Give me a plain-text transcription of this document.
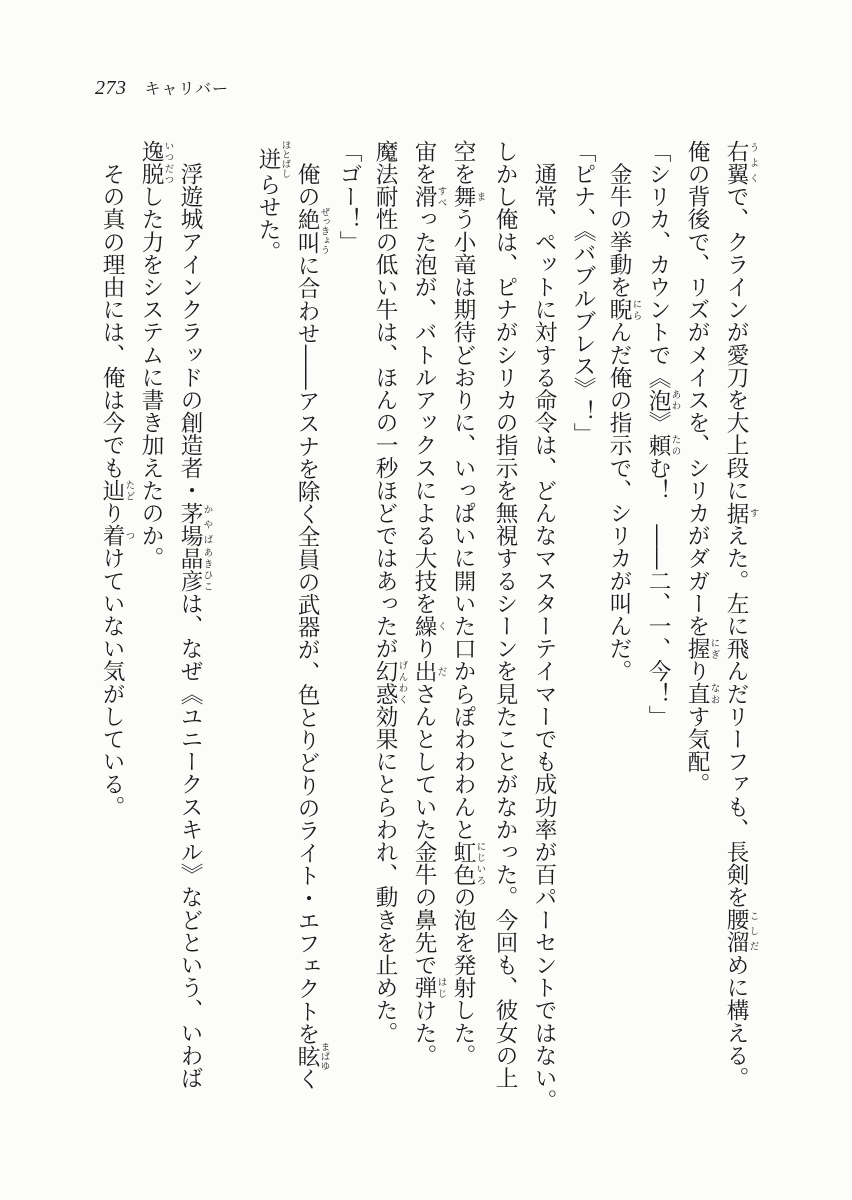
273 キャリバー
右翼うよくで、クラインが愛刀を大上段に据すえた。左に飛んだリーファも、長剣を腰溜こしだめに構える。
俺の背後で、リズがメイスを、シリカがダガーを握にぎり直なおす気配。
「シリカ、カウントで《泡あわ》頼たのむ！　――二、一、今！」
　金牛の挙動を睨にらんだ俺の指示で、シリカが叫んだ。
「ピナ、《バブルブレス》！」
　通常、ペットに対する命令は、どんなマスターテイマーでも成功率が百パーセントではない。
しかし俺は、ピナがシリカの指示を無視するシーンを見たことがなかった。今回も、彼女の上
空を舞まう小竜は期待どおりに、いっぱいに開いた口からぽわわわんと虹色にじいろの泡を発射した。
宙を滑すべった泡が、バトルアックスによる大技を繰くり出ださんとしていた金牛の鼻先で弾はじけた。
魔法耐性の低い牛は、ほんの一秒ほどではあったが幻惑げんわく効果にとらわれ、動きを止めた。
「ゴー！」
　俺の絶叫ぜっきょうに合わせ――アスナを除く全員の武器が、色とりどりのライト・エフェクトを眩まばゆく
迸ほとばしらせた。
　浮遊城アインクラッドの創造者・茅場かやば晶彦あきひこは、なぜ《ユニークスキル》などという、いわば
逸脱いつだつした力をシステムに書き加えたのか。
　その真の理由には、俺は今でも辿たどり着つけていない気がしている。
